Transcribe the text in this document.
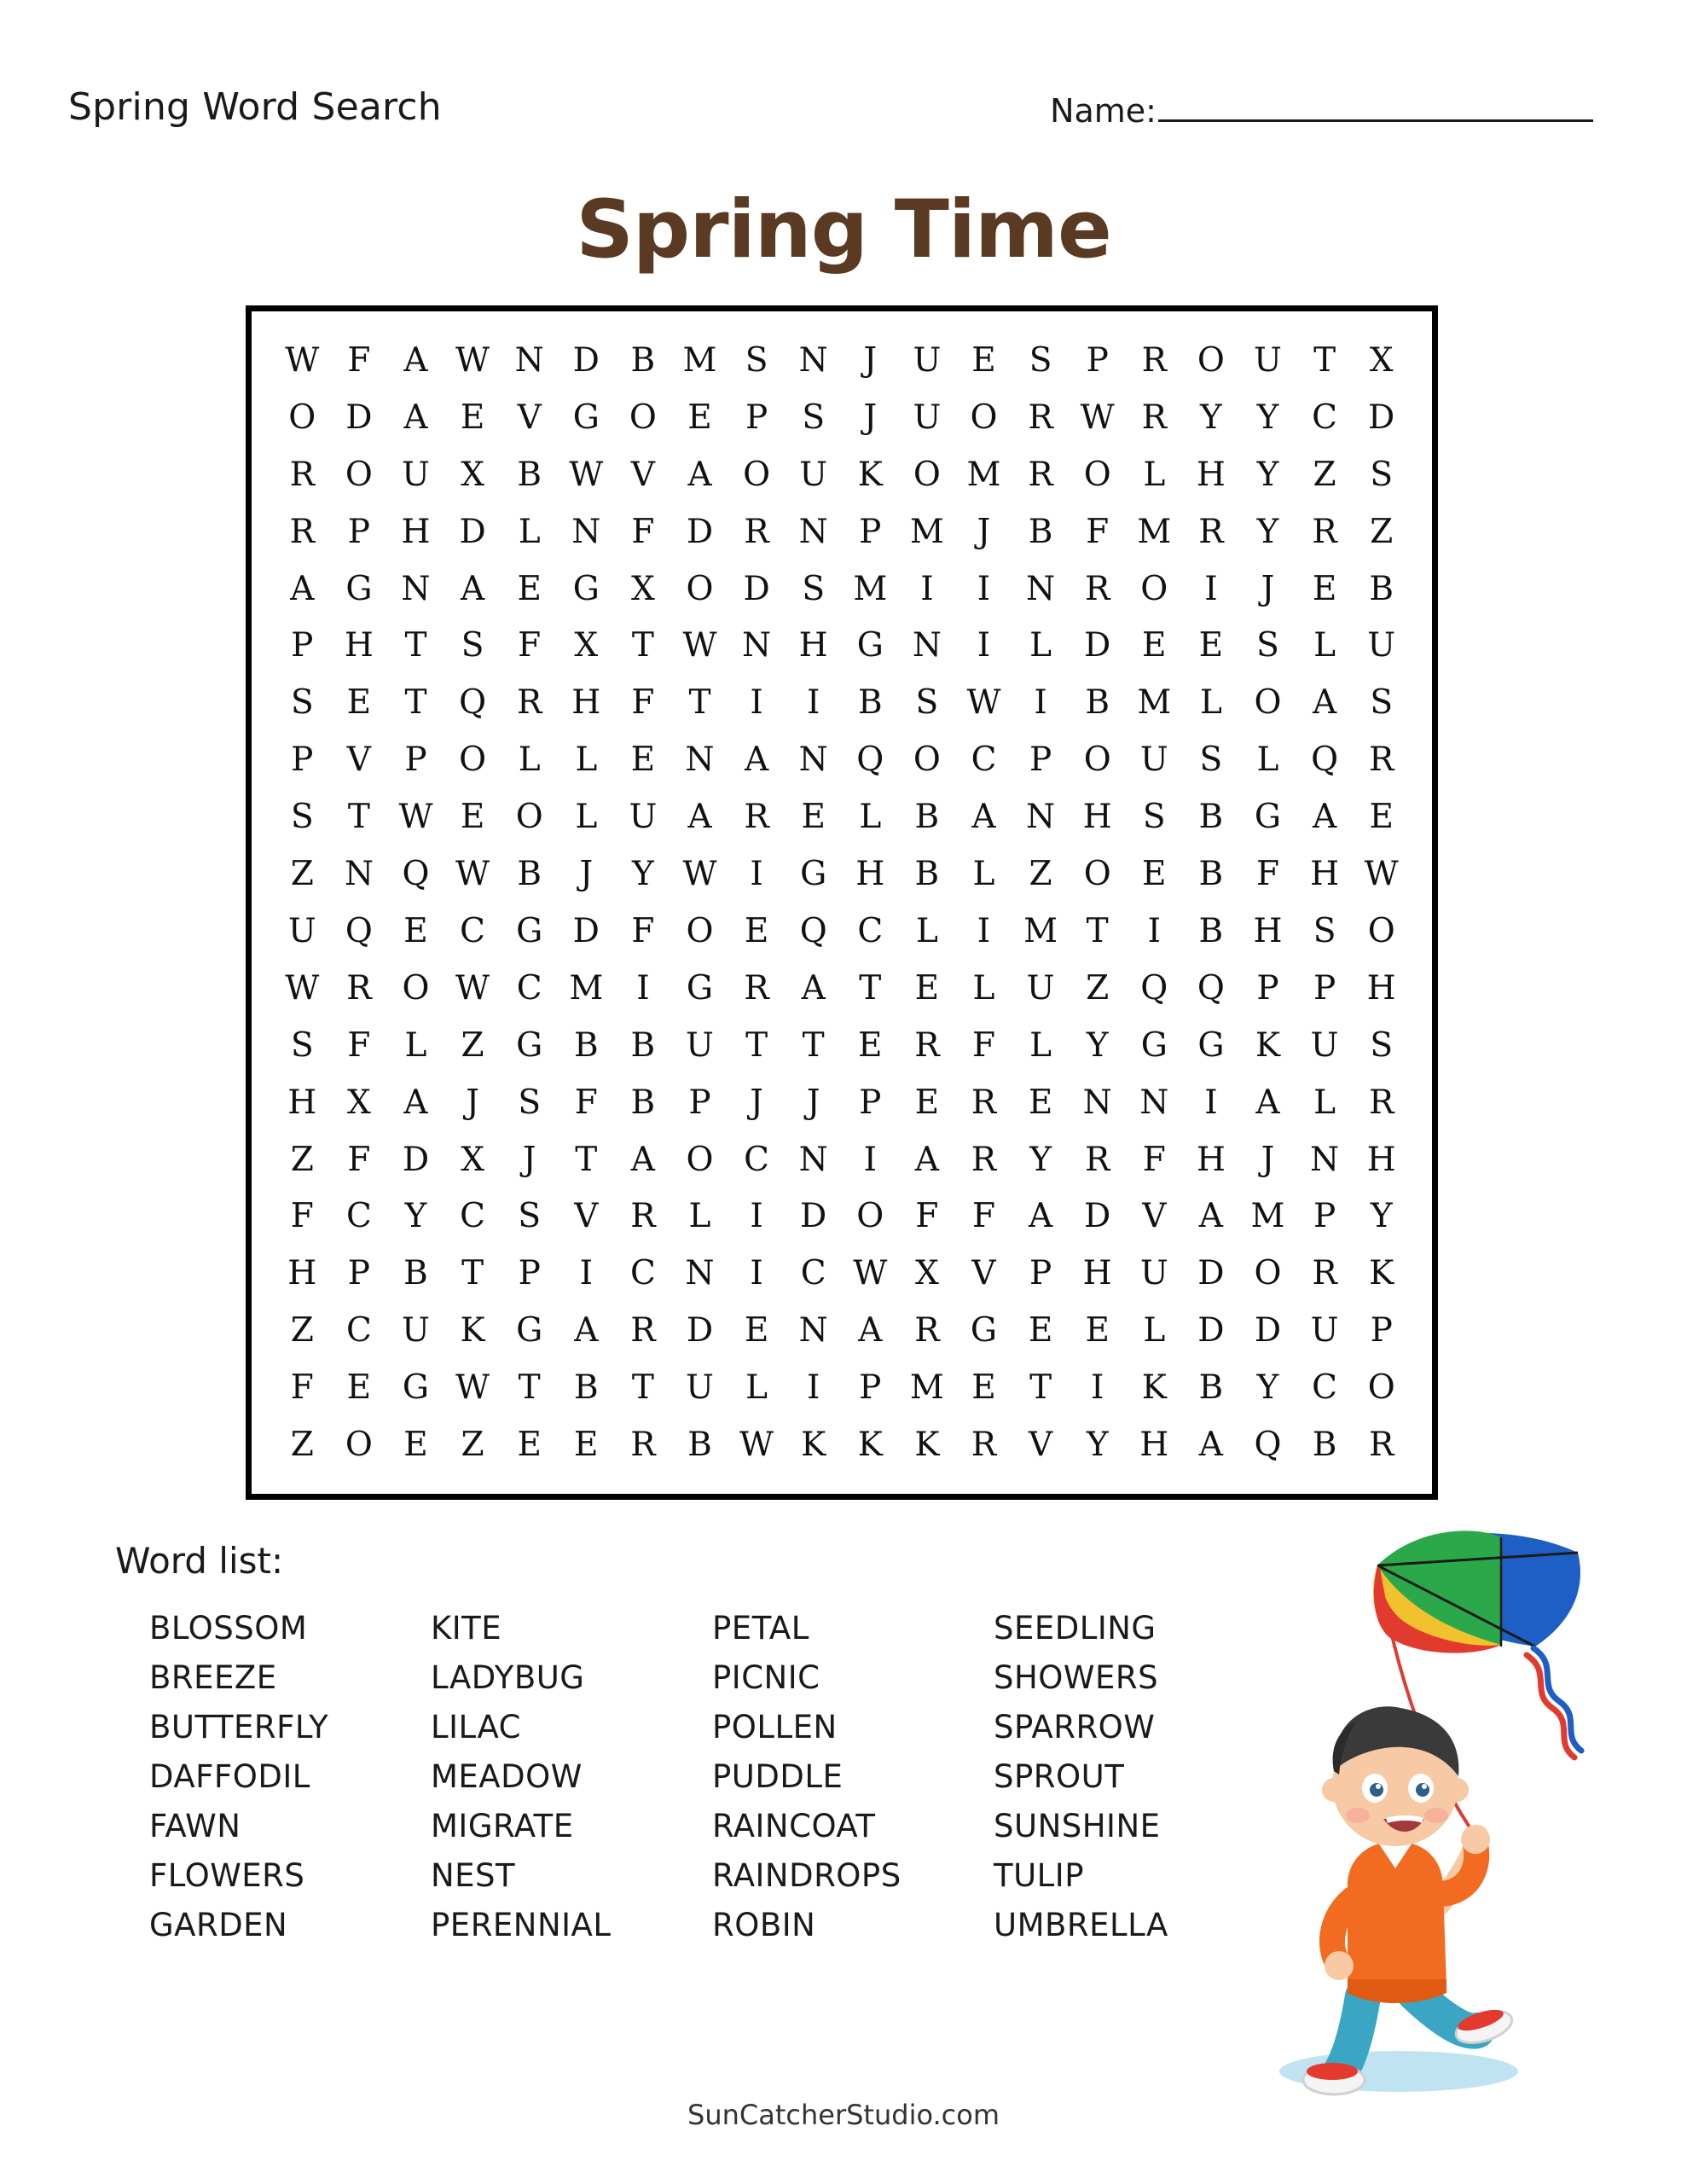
Spring Word Search	Name:
Spring Time
W F A W N D B M S N	J	U E	S	P R O U T	X
O D A E V G O E	P	S	J	U O R W R	Y	Y C D
R O U X B W V A O U K O M R O L H Y	Z	S
R P H D L N F D R N P M J	B F M R	Y	R Z
A G N A E G X O D S M I	I	N R O	I	J	E B
P H T	S	F	X	T W N H G N	I	L D E E	S	L U
S E	T Q R H F	T	I	I	B S W I	B M L O A	S
P	V	P O L	L	E N A N Q O C P O U S	L Q R
S	T W E O L U A R E	L	B A N H S B G A E
Z N Q W B	J	Y W I	G H B	L	Z O E B F H W
U Q E C G D F O E Q C L	I M T	I	B H S O
W R O W C M I	G R A	T	E	L U Z Q Q P	P H
S	F	L	Z G B B U T	T	E R F	L	Y G G K U S
H X A	J	S	F B	P	J	J	P	E R E N N	I	A	L R
Z	F D X	J	T	A O C N	I	A R	Y	R F H	J	N H
F C Y C S	V R L	I	D O F	F A D V A M P	Y
H P	B	T	P	I	C N	I	C W X V	P H U D O R K
Z C U K G A R D E N A R G E E	L D D U P
F E G W T	B	T U L	I	P M E	T	I	K B	Y C O
Z O E Z E E R B W K K K R V	Y H A Q B R
Word list:
BLOSSOM	KITE	PETAL	SEEDLING
BREEZE	LADYBUG	PICNIC	SHOWERS
BUTTERFLY	LILAC	POLLEN	SPARROW
DAFFODIL	MEADOW	PUDDLE	SPROUT
FAWN	MIGRATE	RAINCOAT	SUNSHINE
FLOWERS	NEST	RAINDROPS	TULIP
GARDEN	PERENNIAL	ROBIN	UMBRELLA
SunCatcherStudio.com
